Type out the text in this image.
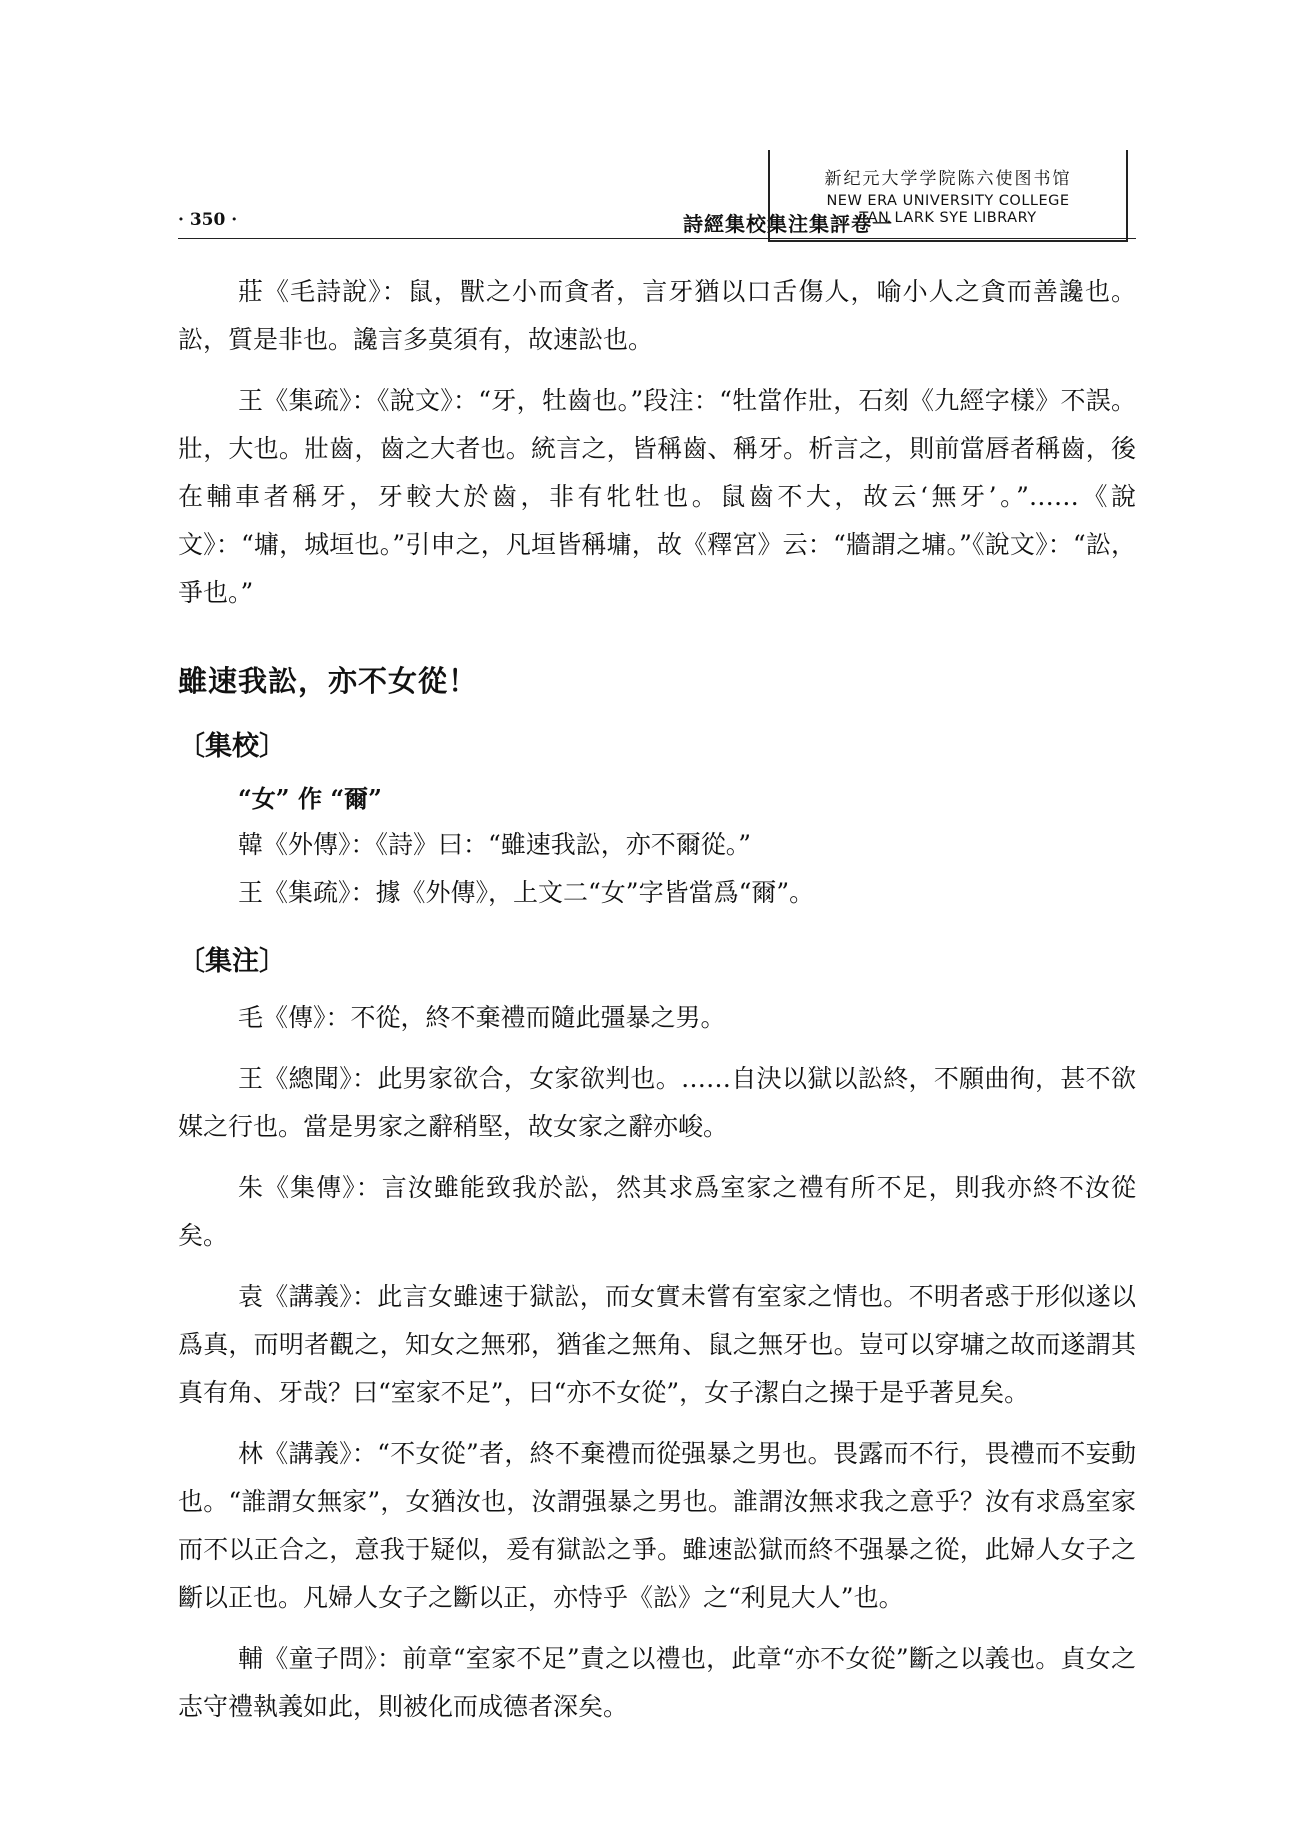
· 350 ·	詩經集校集注集評卷一
新纪元大学学院陈六使图书馆
NEW ERA UNIVERSITY COLLEGE
TAN LARK SYE LIBRARY

莊《毛詩說》：鼠，獸之小而貪者，言牙猶以口舌傷人，喻小人之貪而善讒也。訟，質是非也。讒言多莫須有，故速訟也。

王《集疏》：《說文》：“牙，牡齒也。”段注：“牡當作壯，石刻《九經字樣》不誤。壯，大也。壯齒，齒之大者也。統言之，皆稱齒、稱牙。析言之，則前當唇者稱齒，後在輔車者稱牙，牙較大於齒，非有牝牡也。鼠齒不大，故云‘無牙’。”……《說文》：“墉，城垣也。”引申之，凡垣皆稱墉，故《釋宮》云：“牆謂之墉。”《說文》：“訟，爭也。”

雖速我訟，亦不女從！
〔集校〕

“女” 作 “爾”

韓《外傳》：《詩》曰：“雖速我訟，亦不爾從。”

王《集疏》：據《外傳》，上文二“女”字皆當爲“爾”。

〔集注〕

毛《傳》：不從，終不棄禮而隨此彊暴之男。

王《總聞》：此男家欲合，女家欲判也。……自決以獄以訟終，不願曲徇，甚不欲媒之行也。當是男家之辭稍堅，故女家之辭亦峻。

朱《集傳》：言汝雖能致我於訟，然其求爲室家之禮有所不足，則我亦終不汝從矣。

袁《講義》：此言女雖速于獄訟，而女實未嘗有室家之情也。不明者惑于形似遂以爲真，而明者觀之，知女之無邪，猶雀之無角、鼠之無牙也。豈可以穿墉之故而遂謂其真有角、牙哉？曰“室家不足”，曰“亦不女從”，女子潔白之操于是乎著見矣。

林《講義》：“不女從”者，終不棄禮而從强暴之男也。畏露而不行，畏禮而不妄動也。“誰謂女無家”，女猶汝也，汝謂强暴之男也。誰謂汝無求我之意乎？汝有求爲室家而不以正合之，意我于疑似，爰有獄訟之爭。雖速訟獄而終不强暴之從，此婦人女子之斷以正也。凡婦人女子之斷以正，亦恃乎《訟》之“利見大人”也。

輔《童子問》：前章“室家不足”責之以禮也，此章“亦不女從”斷之以義也。貞女之志守禮執義如此，則被化而成德者深矣。
